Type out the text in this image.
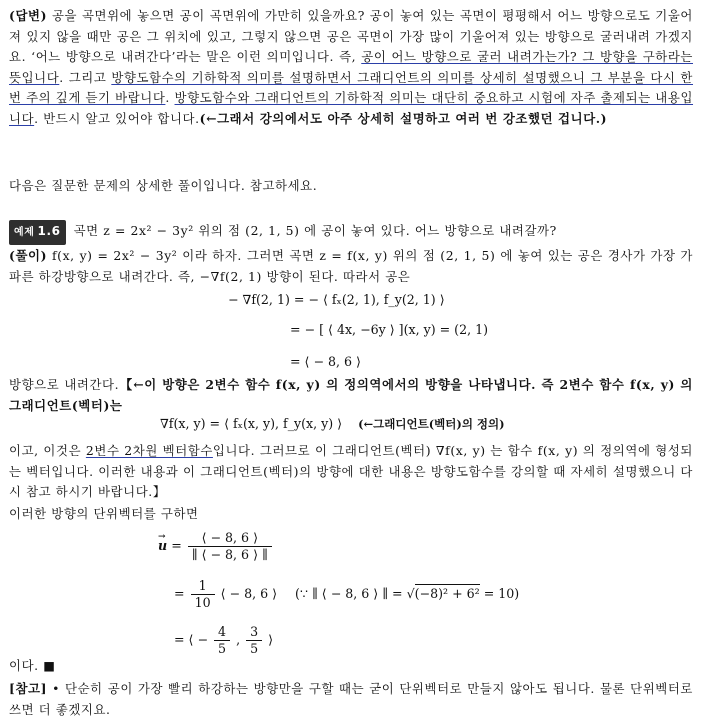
(답변) 공을 곡면위에 놓으면 공이 곡면위에 가만히 있을까요? 공이 놓여 있는 곡면이 평평해서 어느 방향으로도 기울어져 있지 않을 때만 공은 그 위치에 있고, 그렇지 않으면 공은 곡면이 가장 많이 기울어져 있는 방향으로 굴러내려 가겠지요. ‘어느 방향으로 내려간다’라는 말은 이런 의미입니다. 즉, 공이 어느 방향으로 굴러 내려가는가? 그 방향을 구하라는 뜻입니다. 그리고 방향도함수의 기하학적 의미를 설명하면서 그래디언트의 의미를 상세히 설명했으니 그 부분을 다시 한 번 주의 깊게 듣기 바랍니다. 방향도함수와 그래디언트의 기하학적 의미는 대단히 중요하고 시험에 자주 출제되는 내용입니다. 반드시 알고 있어야 합니다.(←그래서 강의에서도 아주 상세히 설명하고 여러 번 강조했던 겁니다.)
다음은 질문한 문제의 상세한 풀이입니다. 참고하세요.
예제 1.6 곡면 z = 2x² − 3y² 위의 점 (2, 1, 5) 에 공이 놓여 있다. 어느 방향으로 내려갈까?
(풀이) f(x, y) = 2x² − 3y² 이라 하자. 그러면 곡면 z = f(x, y) 위의 점 (2, 1, 5) 에 놓여 있는 공은 경사가 가장 가파른 하강방향으로 내려간다. 즉, −∇f(2, 1) 방향이 된다. 따라서 공은
− ∇f(2, 1) = − ⟨ fₓ(2, 1), f_y(2, 1) ⟩
= − [ ⟨ 4x, −6y ⟩ ](x, y) = (2, 1)
= ⟨ − 8, 6 ⟩
방향으로 내려간다.【←이 방향은 2변수 함수 f(x, y) 의 정의역에서의 방향을 나타냅니다. 즉 2변수 함수 f(x, y) 의 그래디언트(벡터)는
∇f(x, y) = ⟨ fₓ(x, y), f_y(x, y) ⟩ (←그래디언트(벡터)의 정의)
이고, 이것은 2변수 2차원 벡터함수입니다. 그러므로 이 그래디언트(벡터) ∇f(x, y) 는 함수 f(x, y) 의 정의역에 형성되는 벡터입니다. 이러한 내용과 이 그래디언트(벡터)의 방향에 대한 내용은 방향도함수를 강의할 때 자세히 설명했으니 다시 참고 하시기 바랍니다.】
이러한 방향의 단위벡터를 구하면
→ $u = \frac{⟨ - 8, 6 ⟩}{\parallel ⟨ - 8, 6 ⟩ \parallel}$
= $\frac{1}{10}$ ⟨ − 8, 6 ⟩ (∵ ∥ ⟨ − 8, 6 ⟩ ∥ = √(−8)² + 6² = 10)
= ⟨ − $\frac{4}{5}$ , $\frac{3}{5}$ ⟩
이다. ■
[참고] • 단순히 공이 가장 빨리 하강하는 방향만을 구할 때는 굳이 단위벡터로 만들지 않아도 됩니다. 물론 단위벡터로 쓰면 더 좋겠지요.
